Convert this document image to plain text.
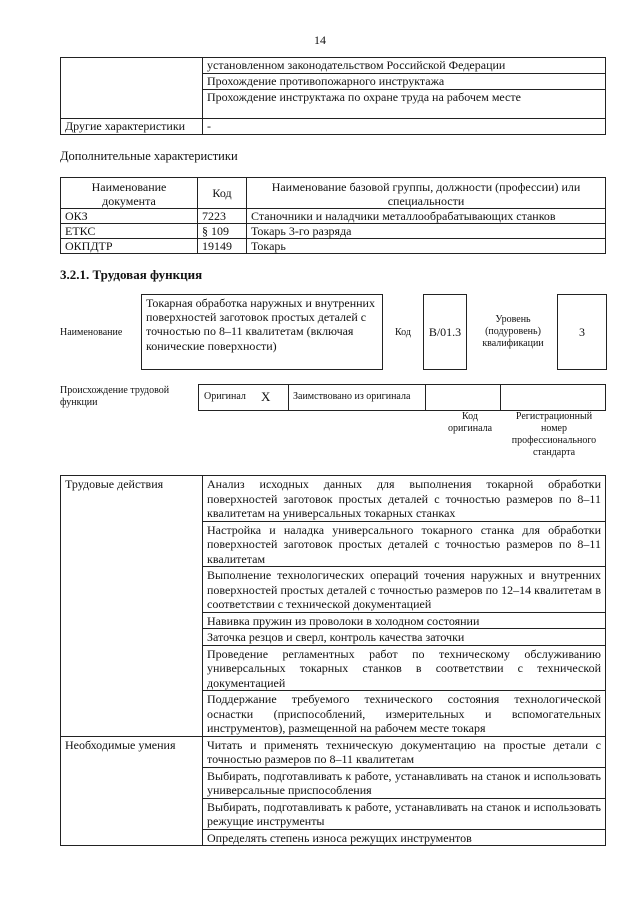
14
	установленном законодательством Российской Федерации
	Прохождение противопожарного инструктажа
	Прохождение инструктажа по охране труда на рабочем месте
Другие характеристики	-
Дополнительные характеристики
Наименование документа	Код	Наименование базовой группы, должности (профессии) или специальности
ОКЗ	7223	Станочники и наладчики металлообрабатывающих станков
ЕТКС	§ 109	Токарь 3-го разряда
ОКПДТР	19149	Токарь
3.2.1. Трудовая функция
Наименование
Токарная обработка наружных и внутренних поверхностей заготовок простых деталей с точностью по 8–11 квалитетам (включая конические поверхности)
Код	B/01.3
Уровень (подуровень) квалификации
3
Происхождение трудовой функции
Оригинал X Заимствовано из оригинала
Код оригинала
Регистрационный номер профессионального стандарта
Трудовые действия	Анализ исходных данных для выполнения токарной обработки поверхностей заготовок простых деталей с точностью размеров по 8–11 квалитетам на универсальных токарных станках
	Настройка и наладка универсального токарного станка для обработки поверхностей заготовок простых деталей с точностью размеров по 8–11 квалитетам
	Выполнение технологических операций точения наружных и внутренних поверхностей простых деталей с точностью размеров по 12–14 квалитетам в соответствии с технической документацией
	Навивка пружин из проволоки в холодном состоянии
	Заточка резцов и сверл, контроль качества заточки
	Проведение регламентных работ по техническому обслуживанию универсальных токарных станков в соответствии с технической документацией
	Поддержание требуемого технического состояния технологической оснастки (приспособлений, измерительных и вспомогательных инструментов), размещенной на рабочем месте токаря
Необходимые умения	Читать и применять техническую документацию на простые детали с точностью размеров по 8–11 квалитетам
	Выбирать, подготавливать к работе, устанавливать на станок и использовать универсальные приспособления
	Выбирать, подготавливать к работе, устанавливать на станок и использовать режущие инструменты
	Определять степень износа режущих инструментов
